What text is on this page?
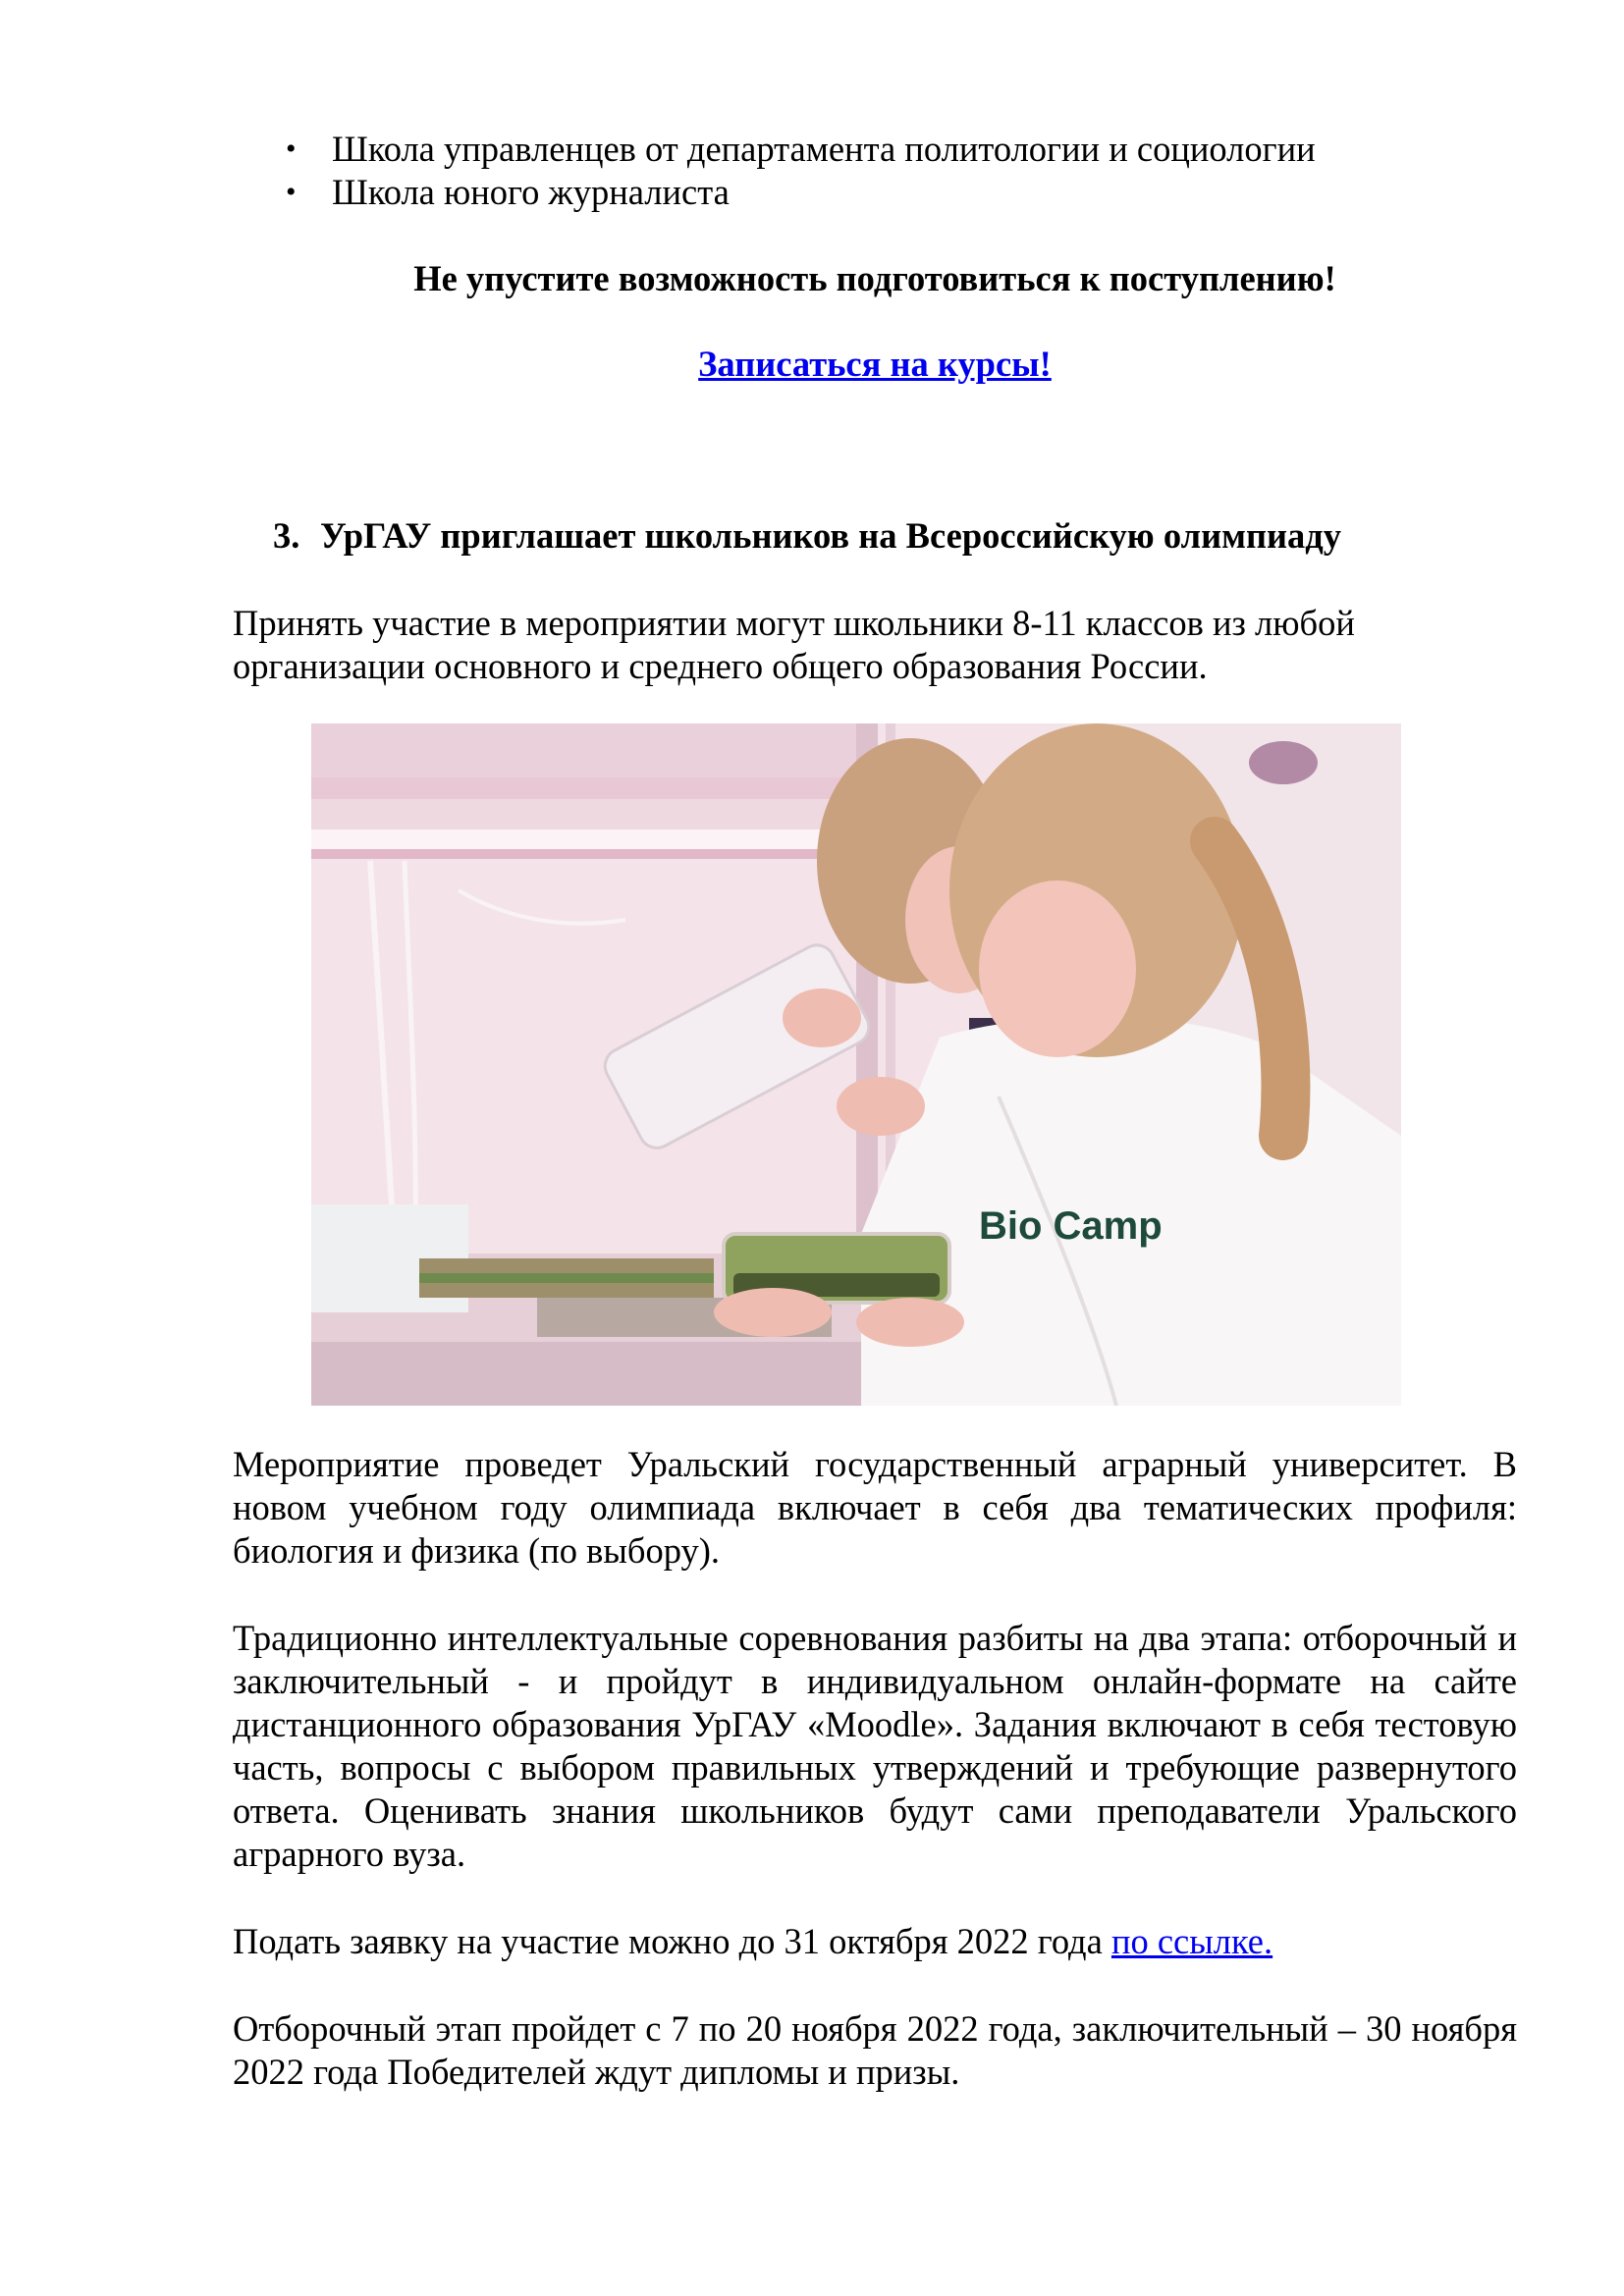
• Школа управленцев от департамента политологии и социологии
• Школа юного журналиста
Не упустите возможность подготовиться к поступлению!
Записаться на курсы!
3. УрГАУ приглашает школьников на Всероссийскую олимпиаду
Принять участие в мероприятии могут школьники 8-11 классов из любой организации основного и среднего общего образования России.
Bio Camp
Мероприятие проведет Уральский государственный аграрный университет. В новом учебном году олимпиада включает в себя два тематических профиля: биология и физика (по выбору).
Традиционно интеллектуальные соревнования разбиты на два этапа: отборочный и заключительный - и пройдут в индивидуальном онлайн-формате на сайте дистанционного образования УрГАУ «Moodle». Задания включают в себя тестовую часть, вопросы с выбором правильных утверждений и требующие развернутого ответа. Оценивать знания школьников будут сами преподаватели Уральского аграрного вуза.
Подать заявку на участие можно до 31 октября 2022 года по ссылке.
Отборочный этап пройдет с 7 по 20 ноября 2022 года, заключительный – 30 ноября 2022 года Победителей ждут дипломы и призы.
